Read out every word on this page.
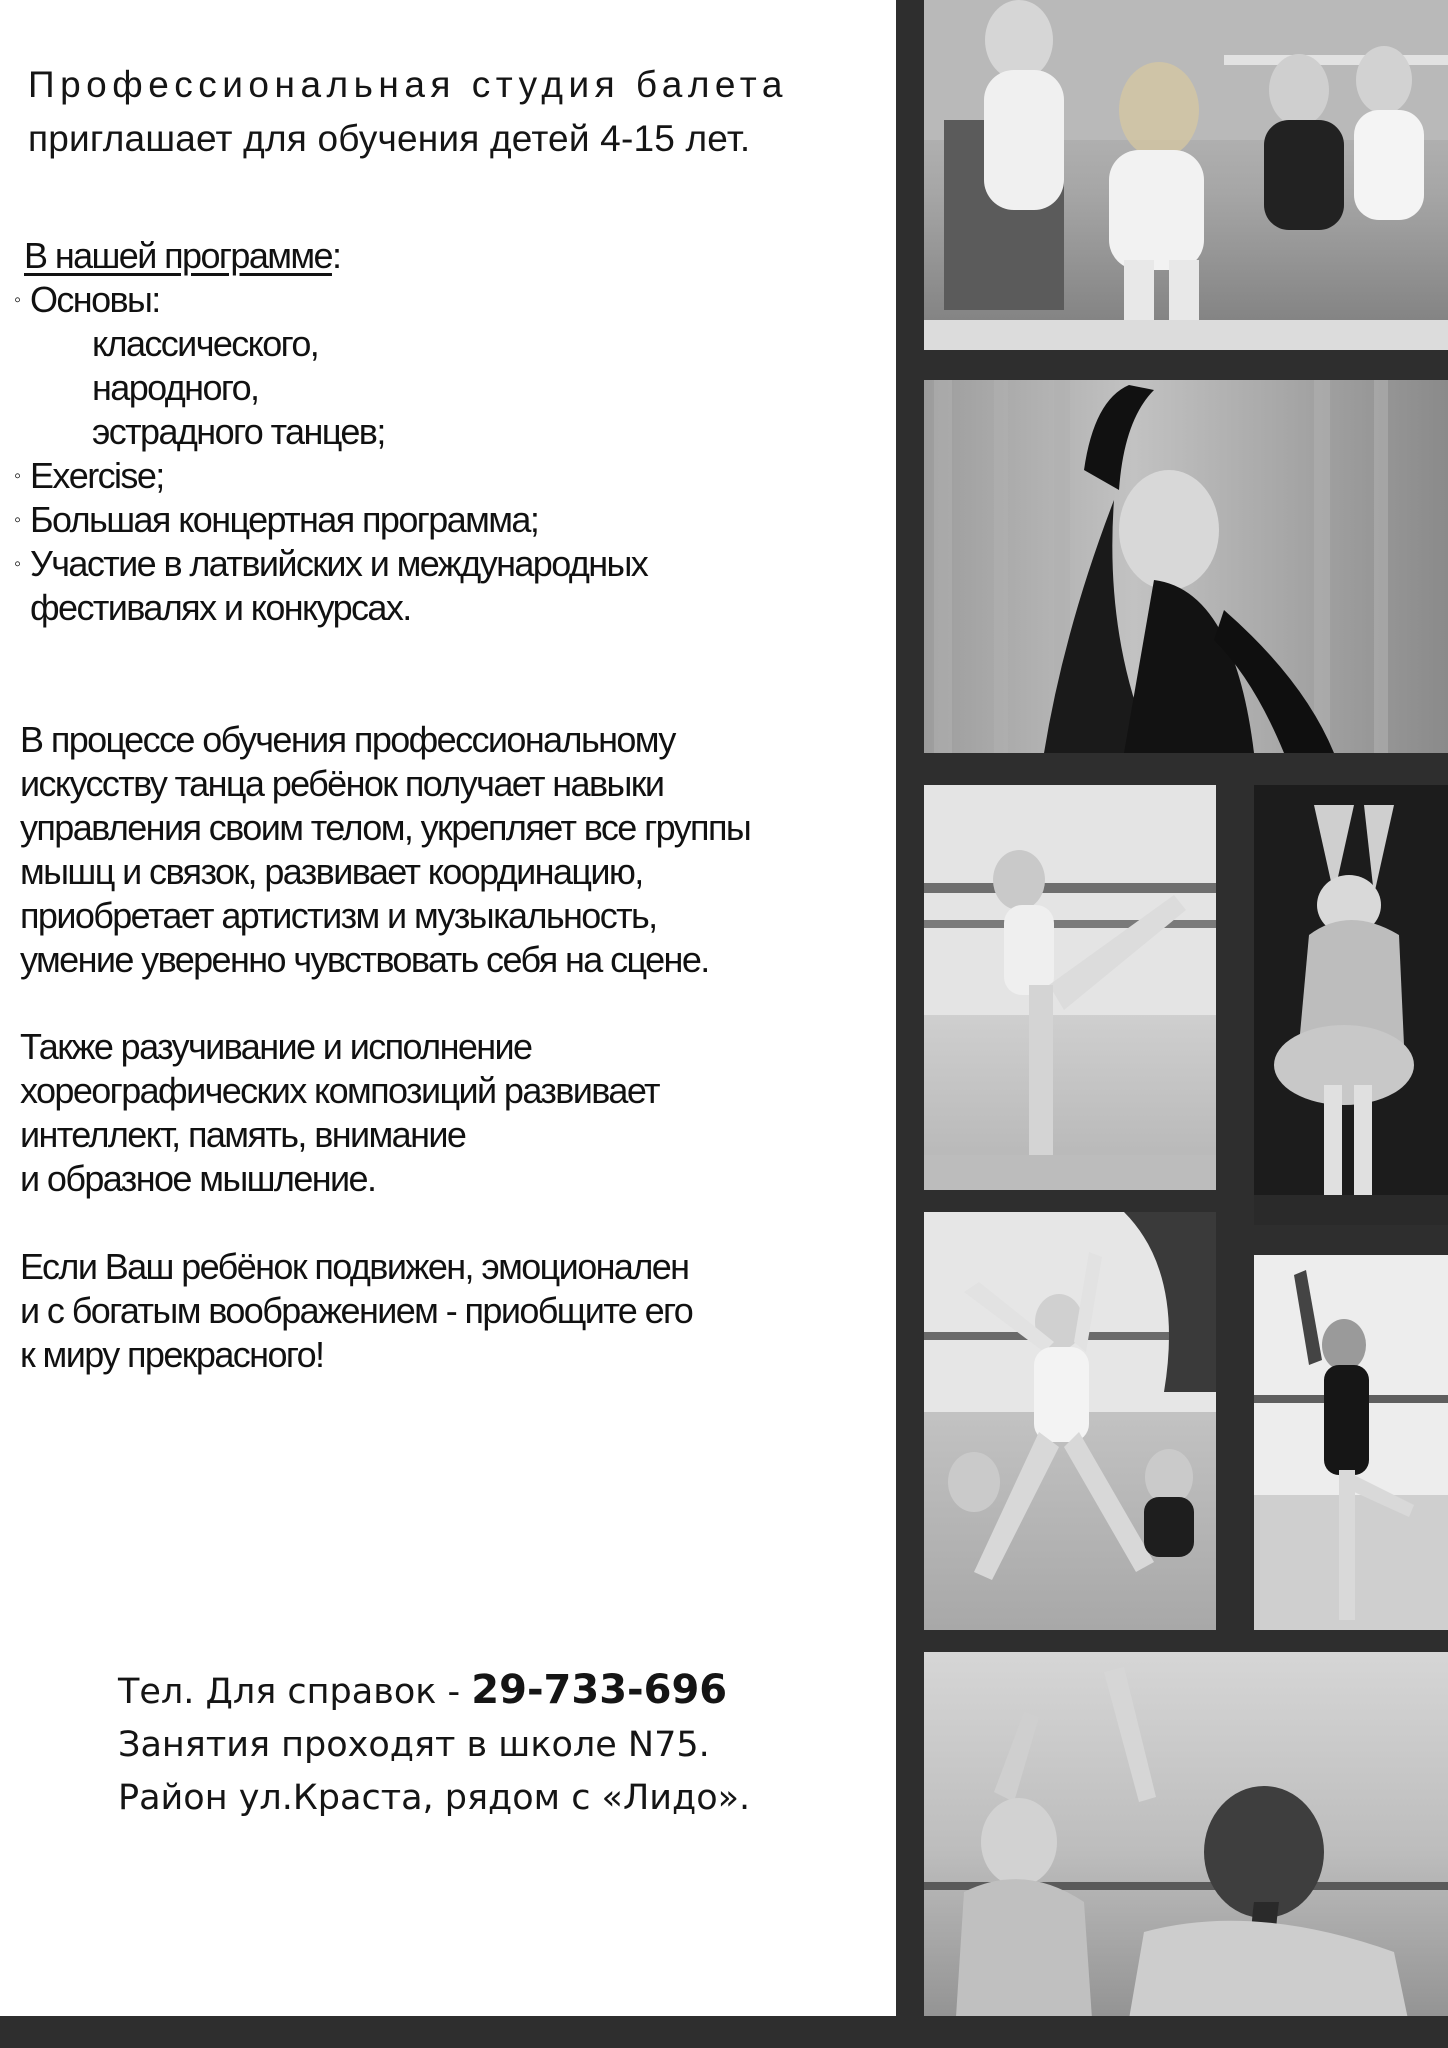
Профессиональная студия балета
приглашает для обучения детей 4-15 лет.
В нашей программе:
◦ Основы:
классического,
народного,
эстрадного танцев;
◦ Exercise;
◦ Большая концертная программа;
◦ Участие в латвийских и международных
фестивалях и конкурсах.
В процессе обучения профессиональному
искусству танца ребёнок получает навыки
управления своим телом, укрепляет все группы
мышц и связок, развивает координацию,
приобретает артистизм и музыкальность,
умение уверенно чувствовать себя на сцене.
Также разучивание и исполнение
хореографических композиций развивает
интеллект, память, внимание
и образное мышление.
Если Ваш ребёнок подвижен, эмоционален
и с богатым воображением - приобщите его
к миру прекрасного!
Тел. Для справок - 29-733-696
Занятия проходят в школе N75.
Район ул.Краста, рядом с «Лидо».
